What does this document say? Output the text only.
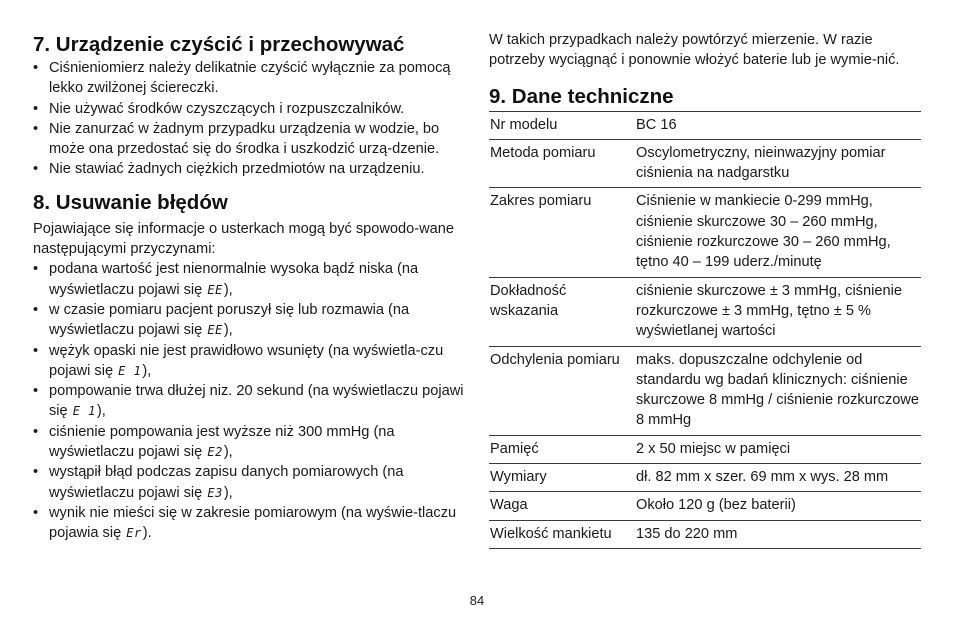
7. Urządzenie czyścić i przechowywać
• Ciśnieniomierz należy delikatnie czyścić wyłącznie za pomocą lekko zwilżonej ściereczki.
• Nie używać środków czyszczących i rozpuszczalników.
• Nie zanurzać w żadnym przypadku urządzenia w wodzie, bo może ona przedostać się do środka i uszkodzić urzą-dzenie.
• Nie stawiać żadnych ciężkich przedmiotów na urządzeniu.
8. Usuwanie błędów
Pojawiające się informacje o usterkach mogą być spowodo-wane następującymi przyczynami:
• podana wartość jest nienormalnie wysoka bądź niska (na wyświetlaczu pojawi się EE),
• w czasie pomiaru pacjent poruszył się lub rozmawia (na wyświetlaczu pojawi się EE),
• wężyk opaski nie jest prawidłowo wsunięty (na wyświetla-czu pojawi się E 1),
• pompowanie trwa dłużej niz. 20 sekund (na wyświetlaczu pojawi się E 1),
• ciśnienie pompowania jest wyższe niż 300 mmHg (na wyświetlaczu pojawi się E2),
• wystąpił błąd podczas zapisu danych pomiarowych (na wyświetlaczu pojawi się E3),
• wynik nie mieści się w zakresie pomiarowym (na wyświe-tlaczu pojawia się Er).
W takich przypadkach należy powtórzyć mierzenie. W razie potrzeby wyciągnąć i ponownie włożyć baterie lub je wymie-nić.
9. Dane techniczne
Nr modelu	BC 16
Metoda pomiaru	Oscylometryczny, nieinwazyjny pomiar ciśnienia na nadgarstku
Zakres pomiaru	Ciśnienie w mankiecie 0-299 mmHg, ciśnienie skurczowe 30 – 260 mmHg, ciśnienie rozkurczowe 30 – 260 mmHg, tętno 40 – 199 uderz./minutę
Dokładność wskazania	ciśnienie skurczowe ± 3 mmHg, ciśnienie rozkurczowe ± 3 mmHg, tętno ± 5 % wyświetlanej wartości
Odchylenia pomiaru	maks. dopuszczalne odchylenie od standardu wg badań klinicznych: ciśnienie skurczowe 8 mmHg / ciśnienie rozkurczowe 8 mmHg
Pamięć	2 x 50 miejsc w pamięci
Wymiary	dł. 82 mm x szer. 69 mm x wys. 28 mm
Waga	Około 120 g (bez baterii)
Wielkość mankietu	135 do 220 mm
84
